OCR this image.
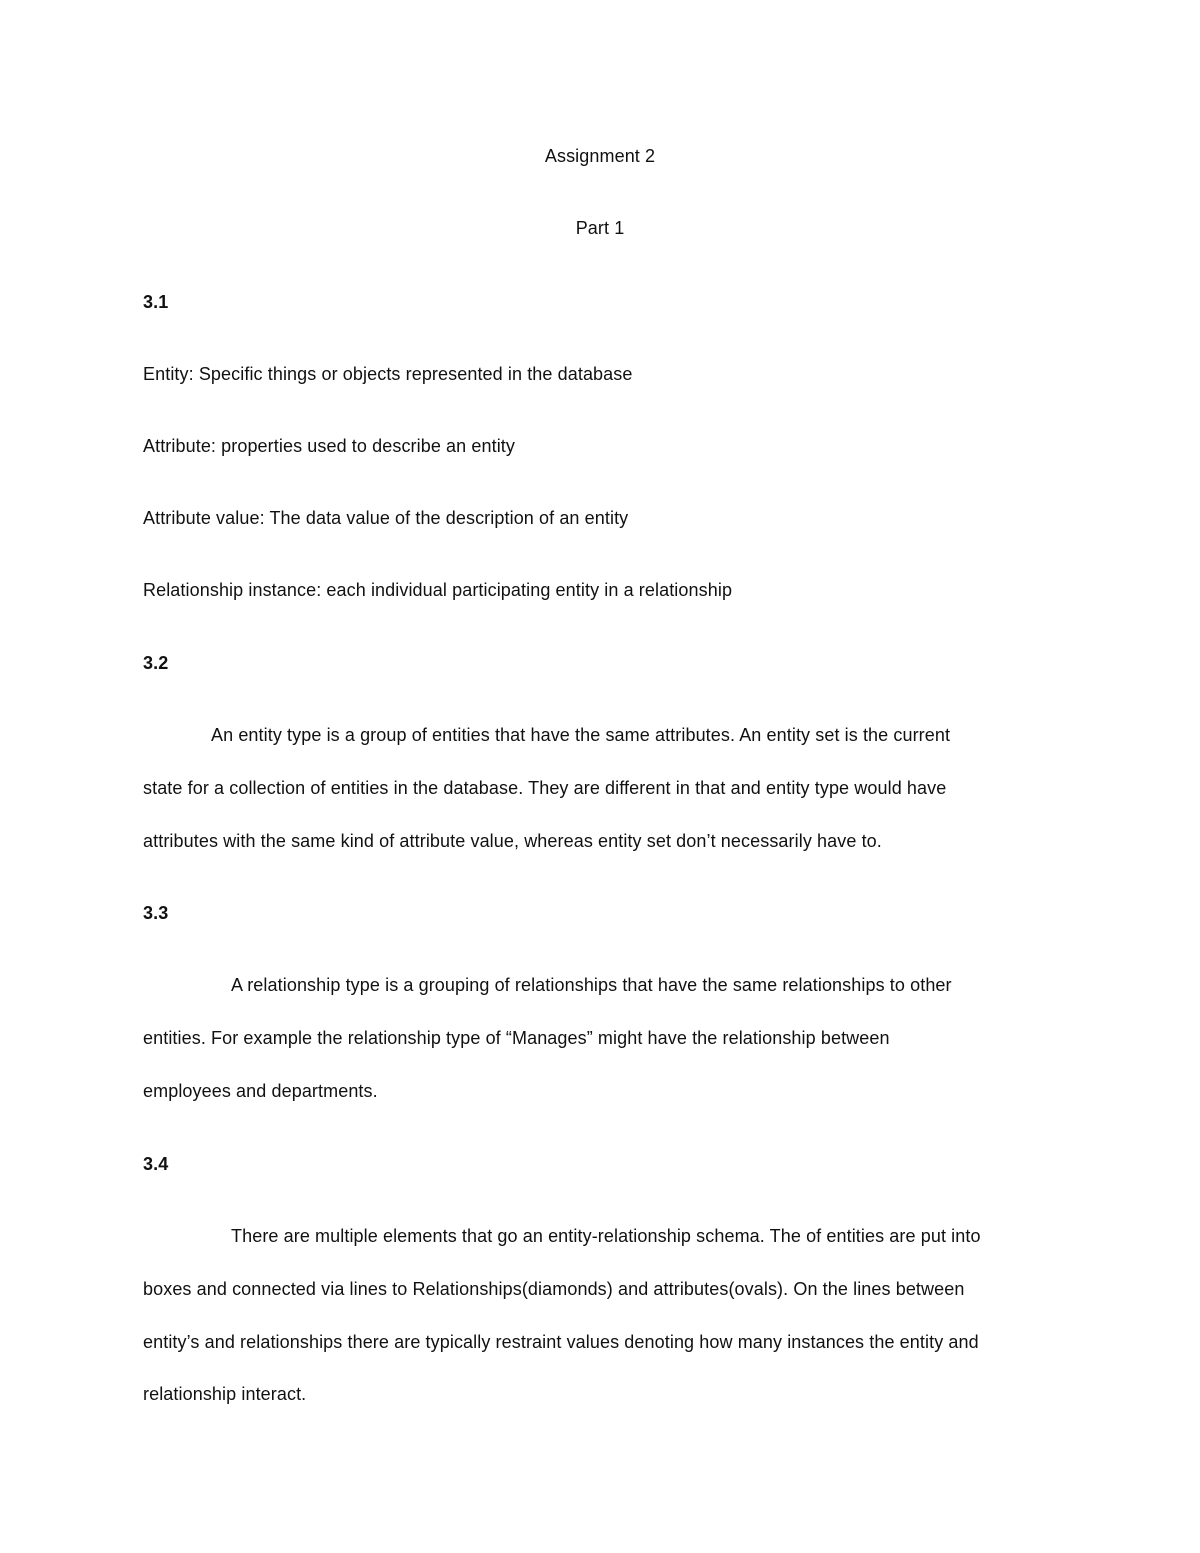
Assignment 2
Part 1
3.1
Entity: Specific things or objects represented in the database
Attribute: properties used to describe an entity
Attribute value: The data value of the description of an entity
Relationship instance: each individual participating entity in a relationship
3.2
An entity type is a group of entities that have the same attributes. An entity set is the current
state for a collection of entities in the database. They are different in that and entity type would have
attributes with the same kind of attribute value, whereas entity set don’t necessarily have to.
3.3
A relationship type is a grouping of relationships that have the same relationships to other
entities. For example the relationship type of “Manages” might have the relationship between
employees and departments.
3.4
There are multiple elements that go an entity-relationship schema. The of entities are put into
boxes and connected via lines to Relationships(diamonds) and attributes(ovals). On the lines between
entity’s and relationships there are typically restraint values denoting how many instances the entity and
relationship interact.
